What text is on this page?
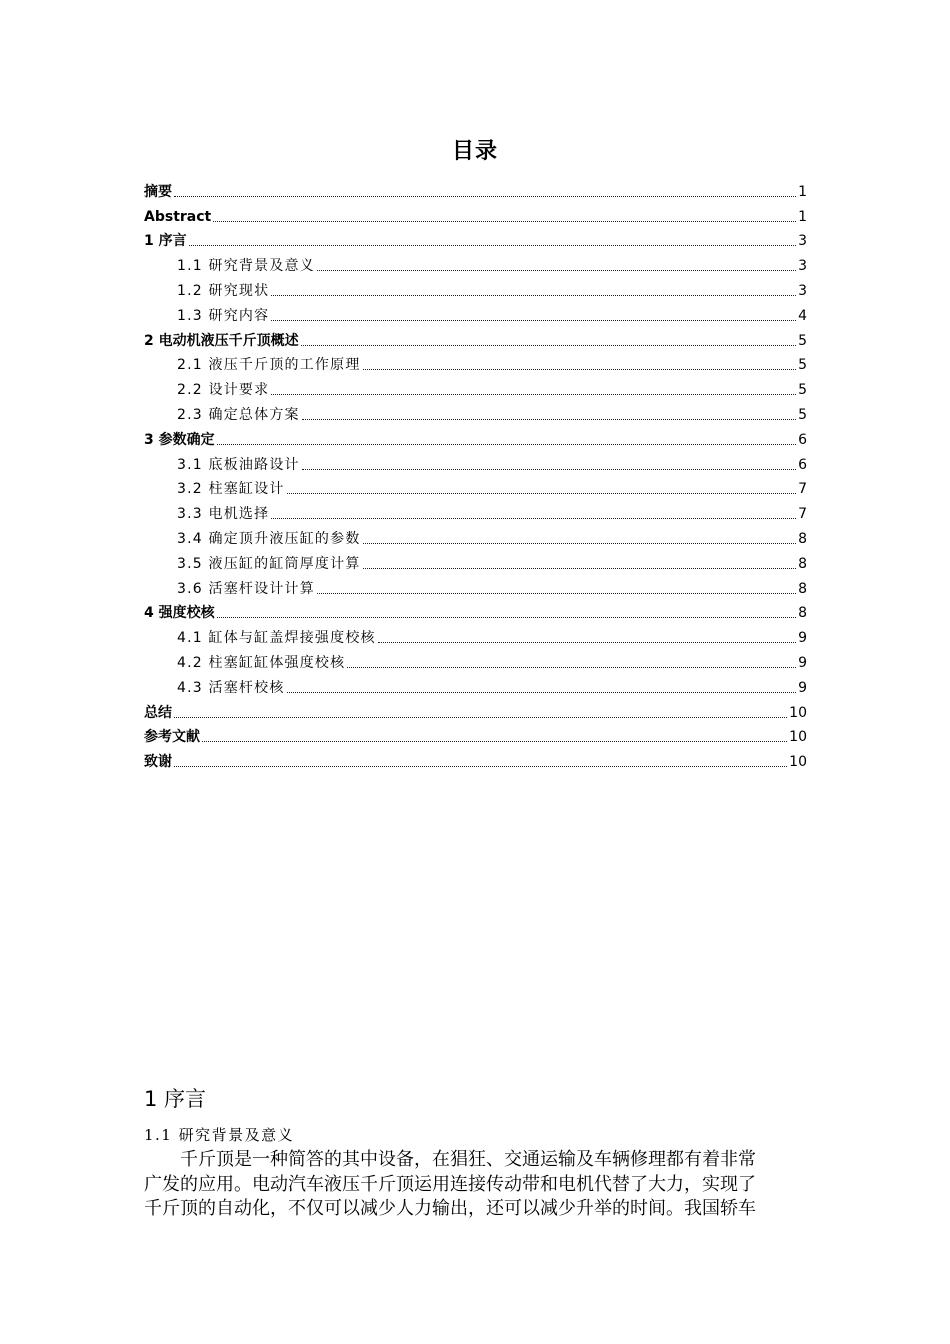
目录
摘要	1
Abstract	1
1 序言	3
1.1 研究背景及意义	3
1.2 研究现状	3
1.3 研究内容	4
2 电动机液压千斤顶概述	5
2.1 液压千斤顶的工作原理	5
2.2 设计要求	5
2.3 确定总体方案	5
3 参数确定	6
3.1 底板油路设计	6
3.2 柱塞缸设计	7
3.3 电机选择	7
3.4 确定顶升液压缸的参数	8
3.5 液压缸的缸筒厚度计算	8
3.6 活塞杆设计计算	8
4 强度校核	8
4.1 缸体与缸盖焊接强度校核	9
4.2 柱塞缸缸体强度校核	9
4.3 活塞杆校核	9
总结	10
参考文献	10
致谢	10
1 序言
1.1 研究背景及意义
千斤顶是一种简答的其中设备，在猖狂、交通运输及车辆修理都有着非常
广发的应用。电动汽车液压千斤顶运用连接传动带和电机代替了大力，实现了
千斤顶的自动化，不仅可以减少人力输出，还可以减少升举的时间。我国轿车
